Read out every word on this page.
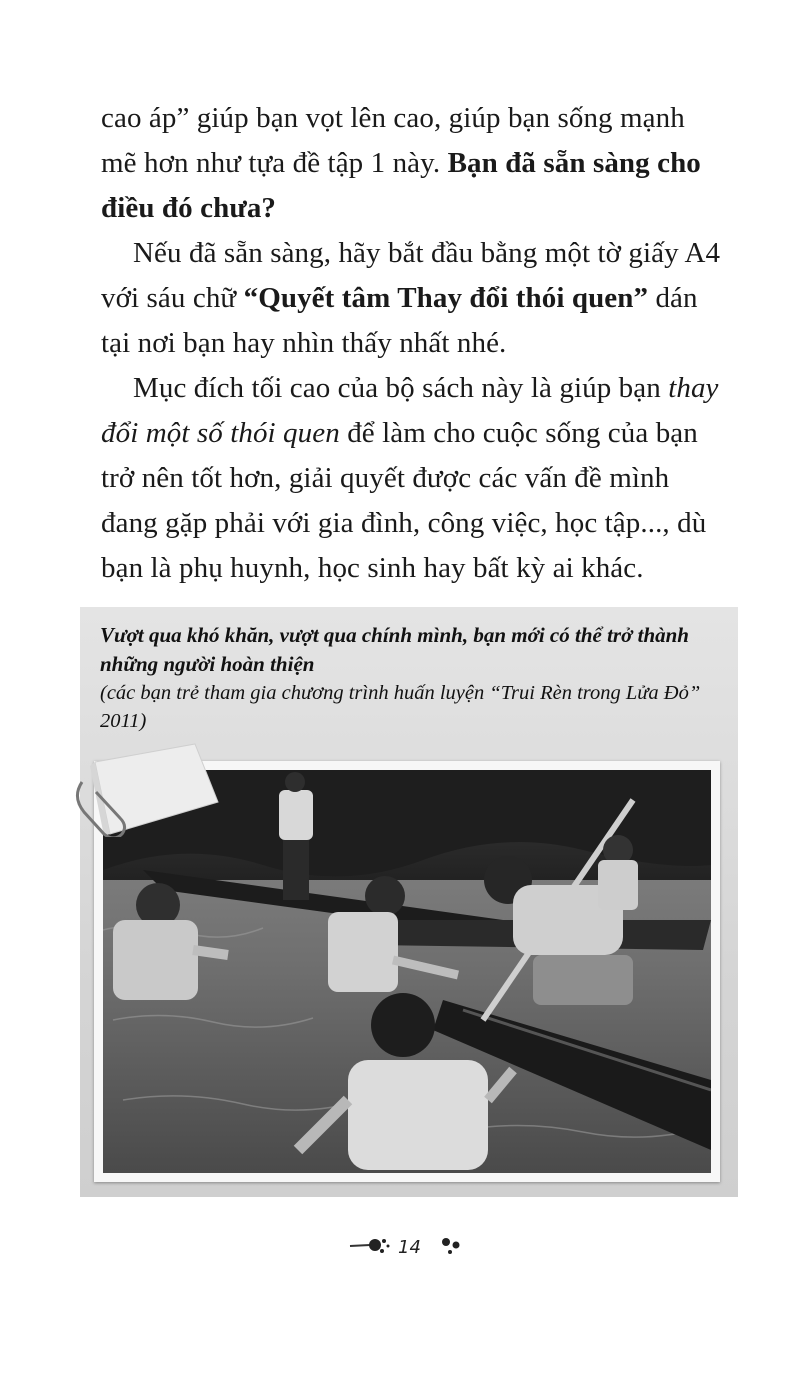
cao áp” giúp bạn vọt lên cao, giúp bạn sống mạnh mẽ hơn như tựa đề tập 1 này. Bạn đã sẵn sàng cho điều đó chưa?

Nếu đã sẵn sàng, hãy bắt đầu bằng một tờ giấy A4 với sáu chữ “Quyết tâm Thay đổi thói quen” dán tại nơi bạn hay nhìn thấy nhất nhé.

Mục đích tối cao của bộ sách này là giúp bạn thay đổi một số thói quen để làm cho cuộc sống của bạn trở nên tốt hơn, giải quyết được các vấn đề mình đang gặp phải với gia đình, công việc, học tập..., dù bạn là phụ huynh, học sinh hay bất kỳ ai khác.

Vượt qua khó khăn, vượt qua chính mình, bạn mới có thể trở thành những người hoàn thiện
(các bạn trẻ tham gia chương trình huấn luyện “Trui Rèn trong Lửa Đỏ” 2011)
14
